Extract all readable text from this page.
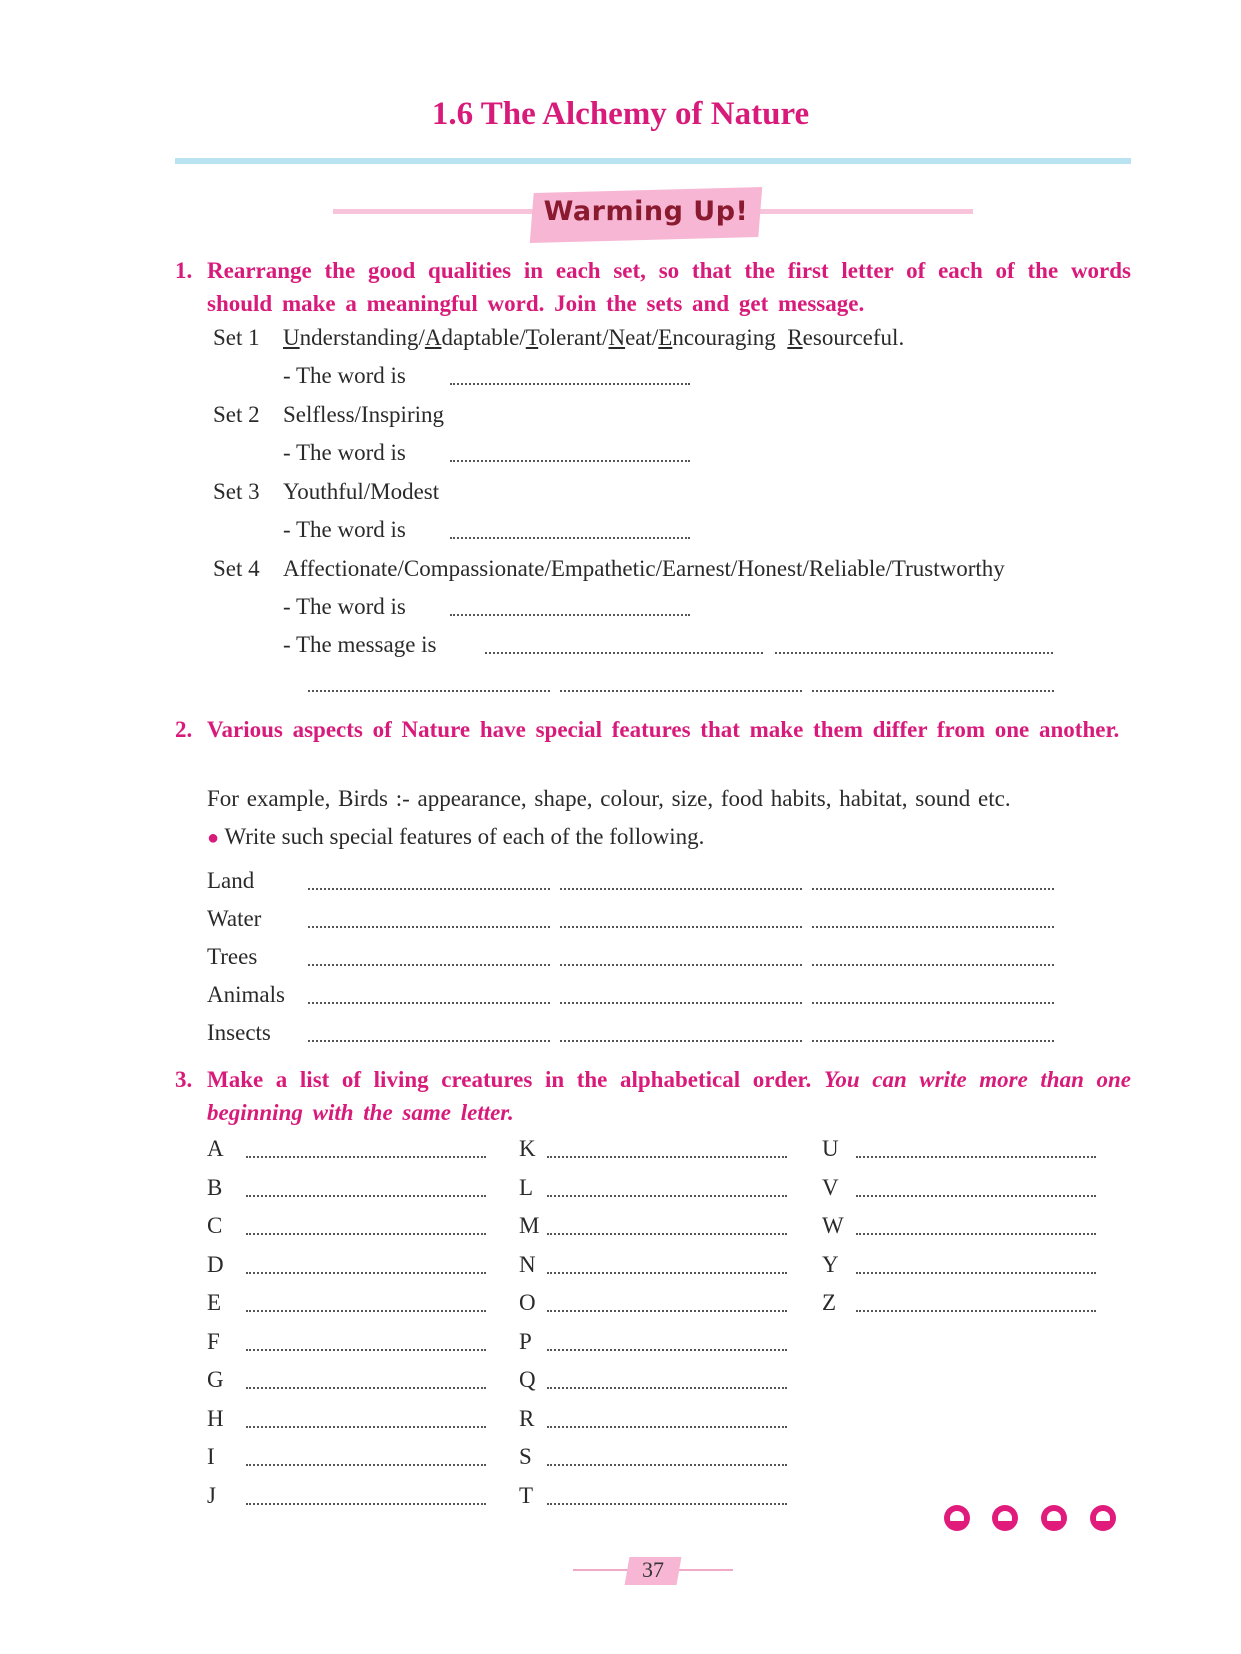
1.6 The Alchemy of Nature
Warming Up!
1. Rearrange the good qualities in each set, so that the first letter of each of the words should make a meaningful word. Join the sets and get message.
Set 1 Understanding/Adaptable/Tolerant/Neat/Encouraging Resourceful.
- The word is
Set 2 Selfless/Inspiring
- The word is
Set 3 Youthful/Modest
- The word is
Set 4 Affectionate/Compassionate/Empathetic/Earnest/Honest/Reliable/Trustworthy
- The word is
- The message is
2. Various aspects of Nature have special features that make them differ from one another.
For example, Birds :- appearance, shape, colour, size, food habits, habitat, sound etc.
● Write such special features of each of the following.
Land
Water
Trees
Animals
Insects
3. Make a list of living creatures in the alphabetical order. You can write more than one beginning with the same letter.
A
B
C
D
E
F
G
H
I
J
K
L
M
N
O
P
Q
R
S
T
U
V
W
Y
Z
37
